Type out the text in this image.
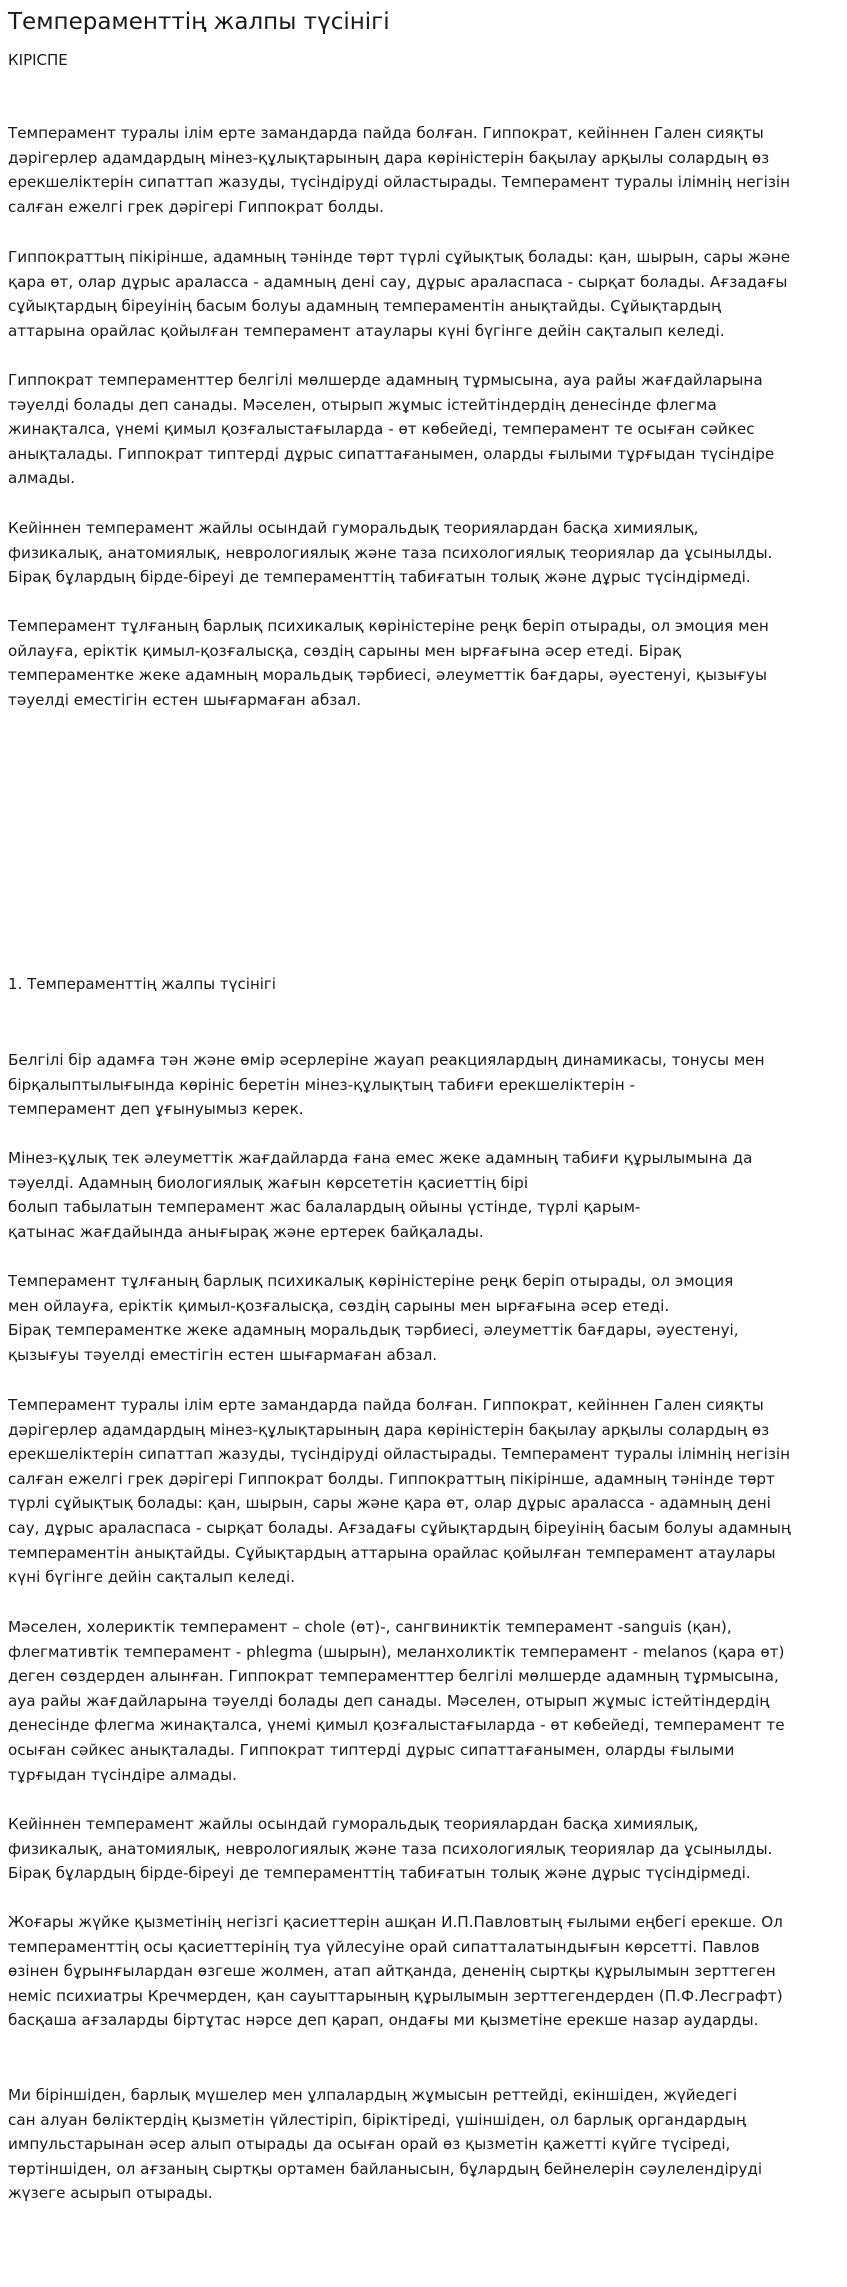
Темпераменттің жалпы түсінігі
КІРІСПЕ

Темперамент туралы ілім ерте замандарда пайда болған. Гиппократ, кейіннен Гален сияқты
дәрігерлер адамдардың мінез-құлықтарының дара көріністерін бақылау арқылы солардың өз
ерекшеліктерін сипаттап жазуды, түсіндіруді ойластырады. Темперамент туралы ілімнің негізін
салған ежелгі грек дәрігері Гиппократ болды.

Гиппократтың пікірінше, адамның тәнінде төрт түрлі сұйықтық болады: қан, шырын, сары және
қара өт, олар дұрыс араласса - адамның дені сау, дұрыс араласпаса - сырқат болады. Ағзадағы
сұйықтардың біреуінің басым болуы адамның темпераментін анықтайды. Сұйықтардың
аттарына орайлас қойылған темперамент атаулары күні бүгінге дейін сақталып келеді.

Гиппократ темпераменттер белгілі мөлшерде адамның тұрмысына, ауа райы жағдайларына
тәуелді болады деп санады. Мәселен, отырып жұмыс істейтіндердің денесінде флегма
жинақталса, үнемі қимыл қозғалыстағыларда - өт көбейеді, темперамент те осыған сәйкес
анықталады. Гиппократ типтерді дұрыс сипаттағанымен, оларды ғылыми тұрғыдан түсіндіре
алмады.

Кейіннен темперамент жайлы осындай гуморальдық теориялардан басқа химиялық,
физикалық, анатомиялық, неврологиялық және таза психологиялық теориялар да ұсынылды.
Бірақ бұлардың бірде-біреуі де темпераменттің табиғатын толық және дұрыс түсіндірмеді.

Темперамент тұлғаның барлық психикалық көріністеріне реңк беріп отырады, ол эмоция мен
ойлауға, еріктік қимыл-қозғалысқа, сөздің сарыны мен ырғағына әсер етеді. Бірақ
темпераментке жеке адамның моральдық тәрбиесі, әлеуметтік бағдары, әуестенуі, қызығуы
тәуелді еместігін естен шығармаған абзал.

1. Темпераменттің жалпы түсінігі

Белгілі бір адамға тән және өмір әсерлеріне жауап реакциялардың динамикасы, тонусы мен
бірқалыптылығында көрініс беретін мінез-құлықтың табиғи ерекшеліктерін -
темперамент деп ұғынуымыз керек.

Мінез-құлық тек әлеуметтік жағдайларда ғана емес жеке адамның табиғи құрылымына да
тәуелді. Адамның биологиялық жағын көрсететін қасиеттің бірі
болып табылатын темперамент жас балалардың ойыны үстінде, түрлі қарым-
қатынас жағдайында анығырақ және ертерек байқалады.

Темперамент тұлғаның барлық психикалық көріністеріне реңк беріп отырады, ол эмоция
мен ойлауға, еріктік қимыл-қозғалысқа, сөздің сарыны мен ырғағына әсер етеді.
Бірақ темпераментке жеке адамның моральдық тәрбиесі, әлеуметтік бағдары, әуестенуі,
қызығуы тәуелді еместігін естен шығармаған абзал.

Темперамент туралы ілім ерте замандарда пайда болған. Гиппократ, кейіннен Гален сияқты
дәрігерлер адамдардың мінез-құлықтарының дара көріністерін бақылау арқылы солардың өз
ерекшеліктерін сипаттап жазуды, түсіндіруді ойластырады. Темперамент туралы ілімнің негізін
салған ежелгі грек дәрігері Гиппократ болды. Гиппократтың пікірінше, адамның тәнінде төрт
түрлі сұйықтық болады: қан, шырын, сары және қара өт, олар дұрыс араласса - адамның дені
сау, дұрыс араласпаса - сырқат болады. Ағзадағы сұйықтардың біреуінің басым болуы адамның
темпераментін анықтайды. Сұйықтардың аттарына орайлас қойылған темперамент атаулары
күні бүгінге дейін сақталып келеді.

Мәселен, холериктік темперамент – chole (өт)-, сангвиниктік темперамент -sanguis (қан),
флегмативтік темперамент - phlegma (шырын), меланхоликтік темперамент - melanos (қара өт)
деген сөздерден алынған. Гиппократ темпераменттер белгілі мөлшерде адамның тұрмысына,
ауа райы жағдайларына тәуелді болады деп санады. Мәселен, отырып жұмыс істейтіндердің
денесінде флегма жинақталса, үнемі қимыл қозғалыстағыларда - өт көбейеді, темперамент те
осыған сәйкес анықталады. Гиппократ типтерді дұрыс сипаттағанымен, оларды ғылыми
тұрғыдан түсіндіре алмады.

Кейіннен темперамент жайлы осындай гуморальдық теориялардан басқа химиялық,
физикалық, анатомиялық, неврологиялық және таза психологиялық теориялар да ұсынылды.
Бірақ бұлардың бірде-біреуі де темпераменттің табиғатын толық және дұрыс түсіндірмеді.

Жоғары жүйке қызметінің негізгі қасиеттерін ашқан И.П.Павловтың ғылыми еңбегі ерекше. Ол
темпераменттің осы қасиеттерінің туа үйлесуіне орай сипатталатындығын көрсетті. Павлов
өзінен бұрынғылардан өзгеше жолмен, атап айтқанда, дененің сыртқы құрылымын зерттеген
неміс психиатры Кречмерден, қан сауыттарының құрылымын зерттегендерден (П.Ф.Лесграфт)
басқаша ағзаларды біртұтас нәрсе деп қарап, ондағы ми қызметіне ерекше назар аударды.

Ми біріншіден, барлық мүшелер мен ұлпалардың жұмысын реттейді, екіншіден, жүйедегі
сан алуан бөліктердің қызметін үйлестіріп, біріктіреді, үшіншіден, ол барлық органдардың
импульстарынан әсер алып отырады да осыған орай өз қызметін қажетті күйге түсіреді,
төртіншіден, ол ағзаның сыртқы ортамен байланысын, бұлардың бейнелерін сәулелендіруді
жүзеге асырып отырады.
